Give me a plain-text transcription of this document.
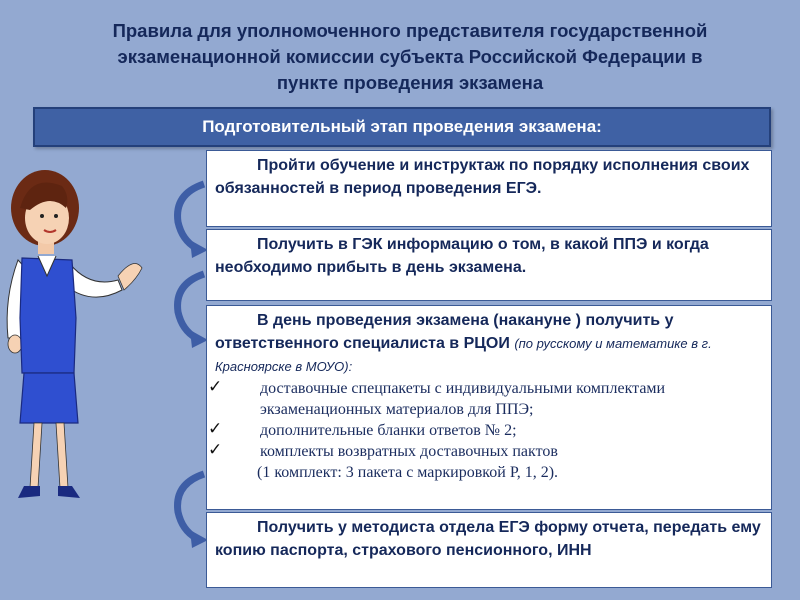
Правила для уполномоченного представителя государственной
экзаменационной комиссии субъекта Российской Федерации в
пункте проведения экзамена
Подготовительный этап проведения экзамена:

Пройти обучение и инструктаж по порядку исполнения своих обязанностей в период проведения ЕГЭ.

Получить в ГЭК информацию о том, в какой ППЭ и когда необходимо прибыть в день экзамена.

В день проведения экзамена (накануне ) получить у ответственного специалиста в РЦОИ (по русскому и математике в г. Красноярске в МОУО):

✓ доставочные спецпакеты с индивидуальными комплектами экзаменационных материалов для ППЭ;
✓ дополнительные бланки ответов № 2;
✓ комплекты возвратных доставочных пактов
(1 комплект: 3 пакета с маркировкой Р, 1, 2).

Получить у методиста отдела ЕГЭ форму отчета, передать ему копию паспорта, страхового пенсионного, ИНН
